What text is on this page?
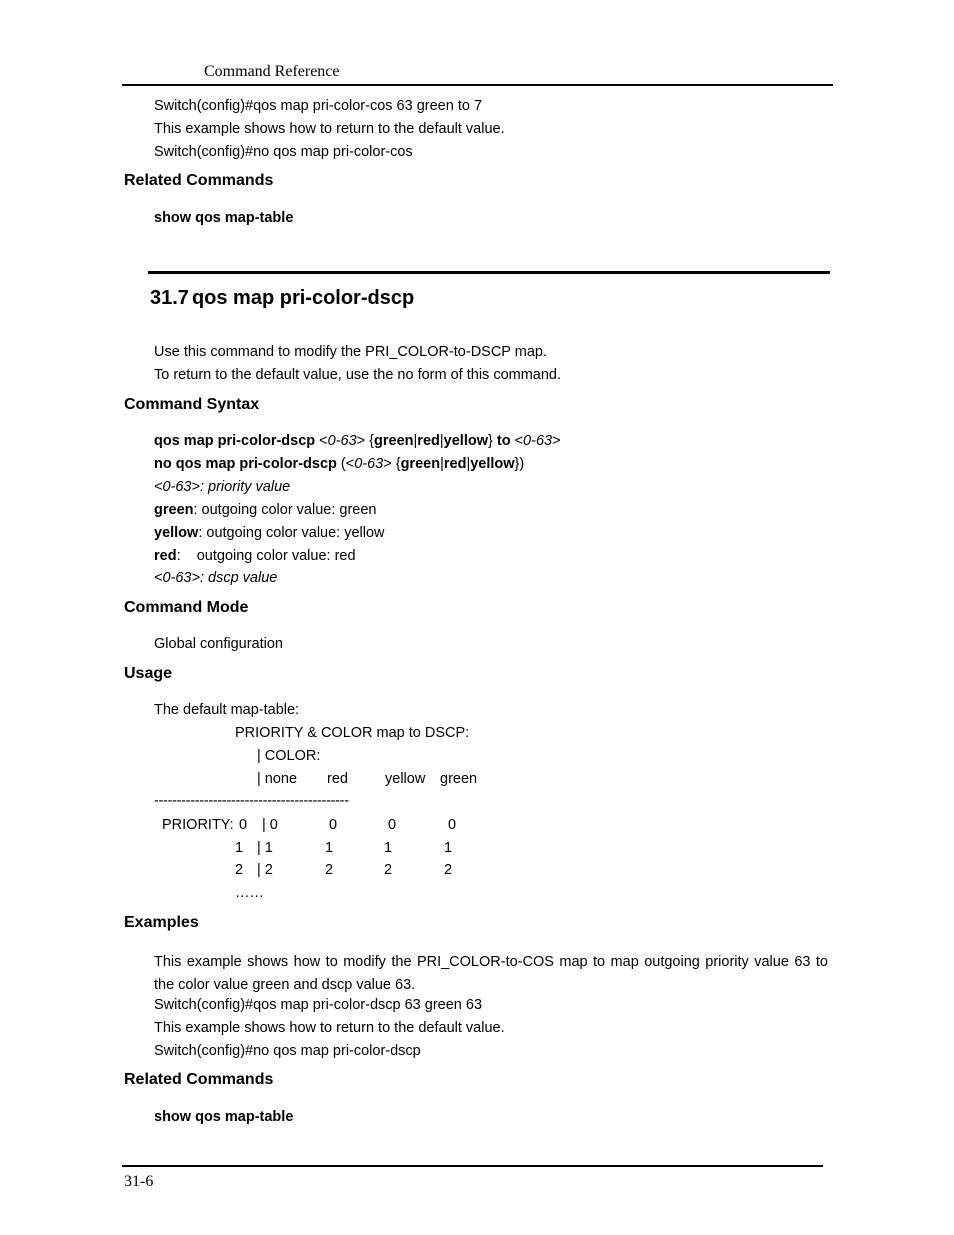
Command Reference
Switch(config)#qos map pri-color-cos 63 green to 7
This example shows how to return to the default value.
Switch(config)#no qos map pri-color-cos
Related Commands
show qos map-table
31.7 qos map pri-color-dscp
Use this command to modify the PRI_COLOR-to-DSCP map.
To return to the default value, use the no form of this command.
Command Syntax
qos map pri-color-dscp <0-63> {green|red|yellow} to <0-63>
no qos map pri-color-dscp (<0-63> {green|red|yellow})
<0-63>: priority value
green: outgoing color value: green
yellow: outgoing color value: yellow
red:    outgoing color value: red
<0-63>: dscp value
Command Mode
Global configuration
Usage
The default map-table:
PRIORITY & COLOR map to DSCP:
| COLOR:
| none red	yellow green
-------------------------------------------
PRIORITY: 0 | 0	0	0	0
1 | 1	1	1	1
2 | 2	2	2	2
……
Examples
This example shows how to modify the PRI_COLOR-to-COS map to map outgoing priority value 63 to the color value green and dscp value 63.
Switch(config)#qos map pri-color-dscp 63 green 63
This example shows how to return to the default value.
Switch(config)#no qos map pri-color-dscp
Related Commands
show qos map-table
31-6
